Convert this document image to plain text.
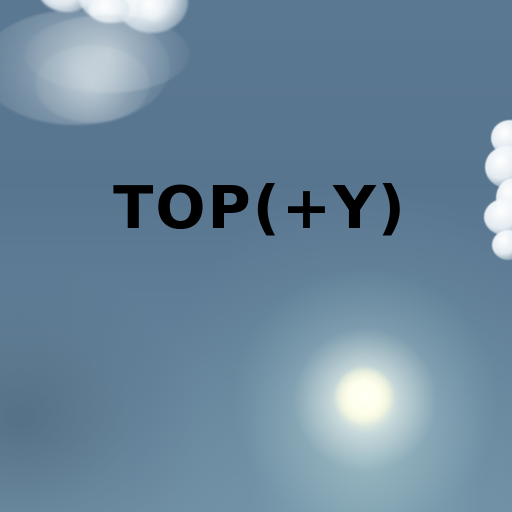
TOP(+Y)
